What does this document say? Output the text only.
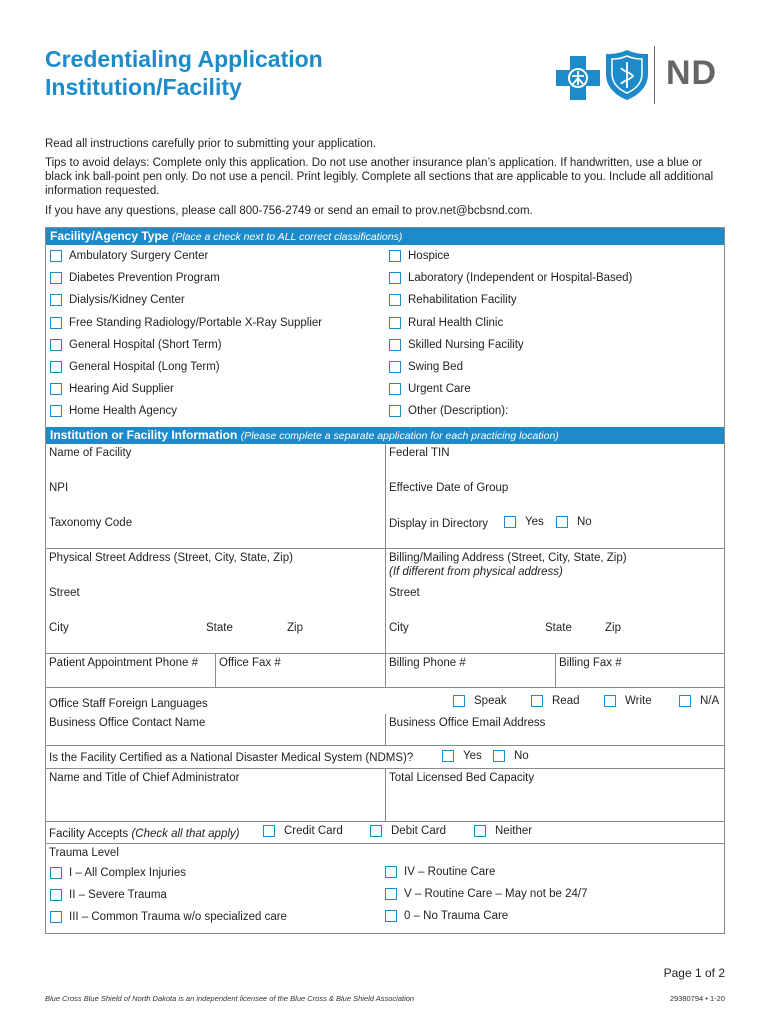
Credentialing Application
Institution/Facility	ND
Read all instructions carefully prior to submitting your application.
Tips to avoid delays: Complete only this application. Do not use another insurance plan’s application. If handwritten, use a blue or black ink ball-point pen only. Do not use a pencil. Print legibly. Complete all sections that are applicable to you. Include all additional information requested.
If you have any questions, please call 800-756-2749 or send an email to prov.net@bcbsnd.com.
Facility/Agency Type (Place a check next to ALL correct classifications)
Ambulatory Surgery Center
Diabetes Prevention Program
Dialysis/Kidney Center
Free Standing Radiology/Portable X-Ray Supplier
General Hospital (Short Term)
General Hospital (Long Term)
Hearing Aid Supplier
Home Health Agency
Hospice
Laboratory (Independent or Hospital-Based)
Rehabilitation Facility
Rural Health Clinic
Skilled Nursing Facility
Swing Bed
Urgent Care
Other (Description):
Institution or Facility Information (Please complete a separate application for each practicing location)
Name of Facility	Federal TIN
NPI	Effective Date of Group
Taxonomy Code	Display in Directory	Yes	No
Physical Street Address (Street, City, State, Zip)	Billing/Mailing Address (Street, City, State, Zip)
(If different from physical address)
Street	Street
City	State	Zip	City	State	Zip
Patient Appointment Phone # Office Fax #	Billing Phone #	Billing Fax #
Office Staff Foreign Languages	Speak	Read	Write	N/A
Business Office Contact Name	Business Office Email Address
Is the Facility Certified as a National Disaster Medical System (NDMS)?	Yes	No
Name and Title of Chief Administrator	Total Licensed Bed Capacity
Facility Accepts (Check all that apply)	Credit Card	Debit Card	Neither
Trauma Level
I – All Complex Injuries
II – Severe Trauma
III – Common Trauma w/o specialized care
IV – Routine Care
V – Routine Care – May not be 24/7
0 – No Trauma Care
Page 1 of 2
Blue Cross Blue Shield of North Dakota is an independent licensee of the Blue Cross & Blue Shield Association	29380794 • 1-20
